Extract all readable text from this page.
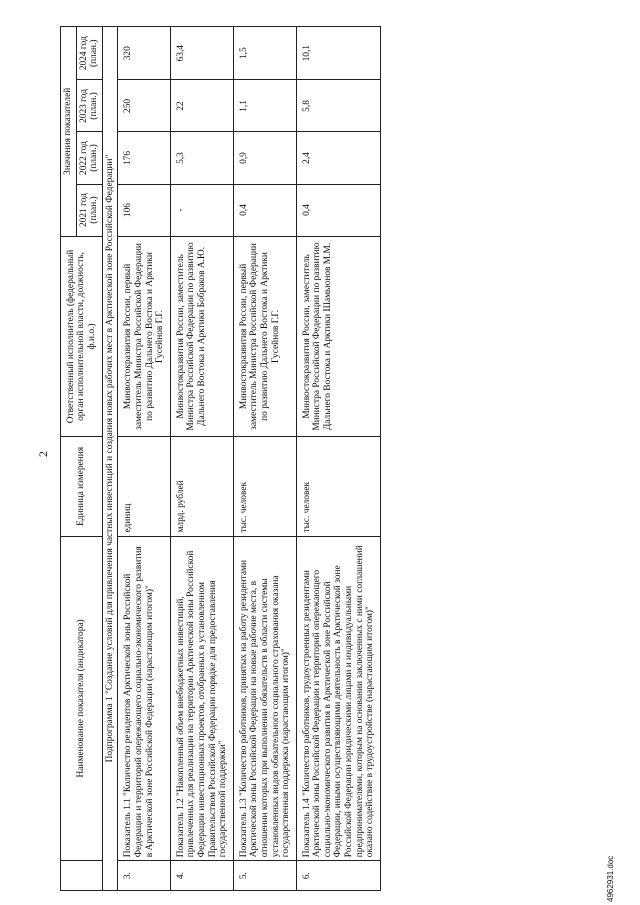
2
	Наименование показателя (индикатора)	Единица измерения	Ответственный исполнитель (федеральный орган исполнительной власти, должность, ф.и.о.)	Значения показателей			
				2021 год (план.)	2022 год (план.)	2023 год (план.)	2024 год (план.)
Подпрограмма 1 "Создание условий для привлечения частных инвестиций и создания новых рабочих мест в Арктической зоне Российской Федерации"							
3.	Показатель 1.1 "Количество резидентов Арктической зоны Российской Федерации и территорий опережающего социально-экономического развития в Арктической зоне Российской Федерации (нарастающим итогом)"	единиц	Минвостокразвития России, первый заместитель Министра Российской Федерации по развитию Дальнего Востока и Арктики Гусейнов Г.Г.	106	176	250	320
4.	Показатель 1.2 "Накопленный объем внебюджетных инвестиций, привлеченных для реализации на территории Арктической зоны Российской Федерации инвестиционных проектов, отобранных в установленном Правительством Российской Федерации порядке для предоставления государственной поддержки"	млрд. рублей	Минвостокразвития России, заместитель Министра Российской Федерации по развитию Дальнего Востока и Арктики Бобраков А.Ю.	-	5,3	22	63,4
5.	Показатель 1.3 "Количество работников, принятых на работу резидентами Арктической зоны Российской Федерации на новые рабочие места, в отношении которых при выполнении обязательств в области системы установленных видов обязательного социального страхования оказана государственная поддержка (нарастающим итогом)"	тыс. человек	Минвостокразвития России, первый заместитель Министра Российской Федерации по развитию Дальнего Востока и Арктики Гусейнов Г.Г.	0,4	0,9	1,1	1,5
6.	Показатель 1.4 "Количество работников, трудоустроенных резидентами Арктической зоны Российской Федерации и территорий опережающего социально-экономического развития в Арктической зоне Российской Федерации, иными осуществляющими деятельность в Арктической зоне Российской Федерации юридическими лицами и индивидуальными предпринимателями, которым на основании заключенных с ними соглашений оказано содействие в трудоустройстве (нарастающим итогом)"	тыс. человек	Минвостокразвития России, заместитель Министра Российской Федерации по развитию Дальнего Востока и Арктики Шамьюнов М.М.	0,4	2,4	5,8	10,1
4962931.doc
